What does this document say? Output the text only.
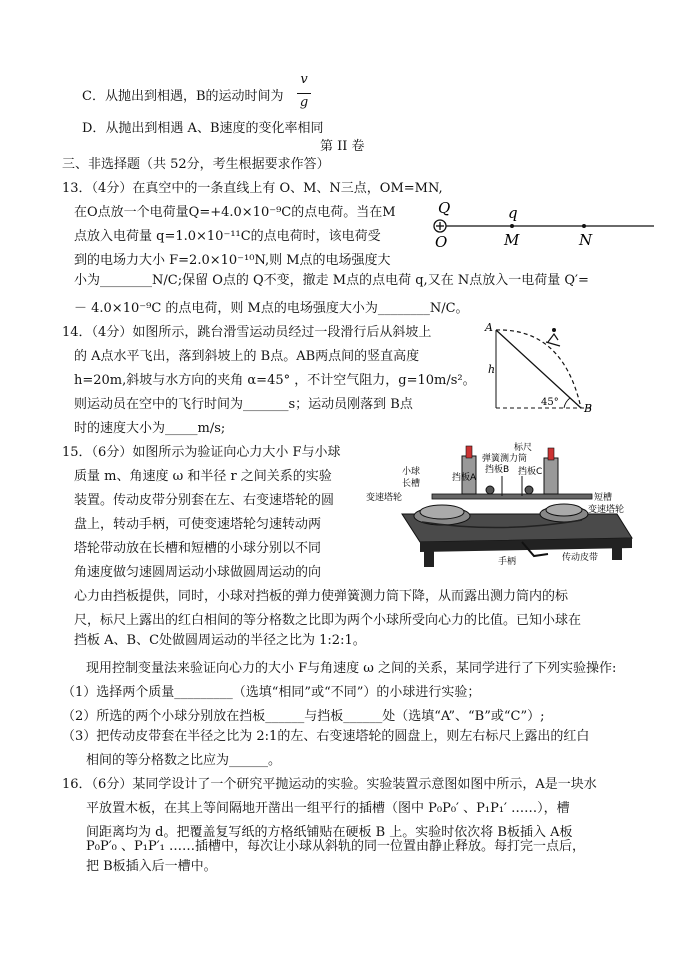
C．从抛出到相遇，B的运动时间为
v
g
D．从抛出到相遇 A、B速度的变化率相同
第 II 卷
三、非选择题（共 52分，考生根据要求作答）
13．（4分）在真空中的一条直线上有 O、M、N三点，OM=MN,
在O点放一个电荷量Q=+4.0×10⁻⁹C的点电荷。当在M
点放入电荷量 q=1.0×10⁻¹¹C的点电荷时，该电荷受
到的电场力大小 F=2.0×10⁻¹⁰N,则 M点的电场强度大
小为________N/C;保留 O点的 Q不变，撤走 M点的点电荷 q,又在 N点放入一电荷量 Q′=
－ 4.0×10⁻⁹C 的点电荷，则 M点的电场强度大小为________N/C。
Q	q
O	M	N
14．（4分）如图所示，跳台滑雪运动员经过一段滑行后从斜坡上
的 A点水平飞出，落到斜坡上的 B点。AB两点间的竖直高度
h=20m,斜坡与水方向的夹角 α=45° ，不计空气阻力，g=10m/s²。
则运动员在空中的飞行时间为_______s；运动员刚落到 B点
时的速度大小为_____m/s;
A
h
45° B
15．（6分）如图所示为验证向心力大小 F与小球
质量 m、角速度 ω 和半径 r 之间关系的实验
装置。传动皮带分别套在左、右变速塔轮的圆
盘上，转动手柄，可使变速塔轮匀速转动两
塔轮带动放在长槽和短槽的小球分别以不同
角速度做匀速圆周运动小球做圆周运动的向
心力由挡板提供，同时，小球对挡板的弹力使弹簧测力筒下降，从而露出测力筒内的标
尺，标尺上露出的红白相间的等分格数之比即为两个小球所受向心力的比值。已知小球在
挡板 A、B、C处做圆周运动的半径之比为 1:2:1。
现用控制变量法来验证向心力的大小 F与角速度 ω 之间的关系，某同学进行了下列实验操作:
（1）选择两个质量_________（选填“相同”或“不同”）的小球进行实验；
（2）所选的两个小球分别放在挡板______与挡板______处（选填“A”、“B”或“C”）;
（3）把传动皮带套在半径之比为 2:1的左、右变速塔轮的圆盘上，则左右标尺上露出的红白
相间的等分格数之比应为______。
标尺
弹簧测力筒
挡板A
挡板B 挡板C
小球
长槽
变速塔轮	短槽
变速塔轮
手柄	传动皮带
16．（6分）某同学设计了一个研究平抛运动的实验。实验装置示意图如图中所示，A是一块水
平放置木板，在其上等间隔地开凿出一组平行的插槽（图中 P₀P₀′ 、P₁P₁′ ……），槽
间距离均为 d。把覆盖复写纸的方格纸铺贴在硬板 B 上。实验时依次将 B板插入 A板
P₀P′₀ 、P₁P′₁ ……插槽中，每次让小球从斜轨的同一位置由静止释放。每打完一点后，
把 B板插入后一槽中。
